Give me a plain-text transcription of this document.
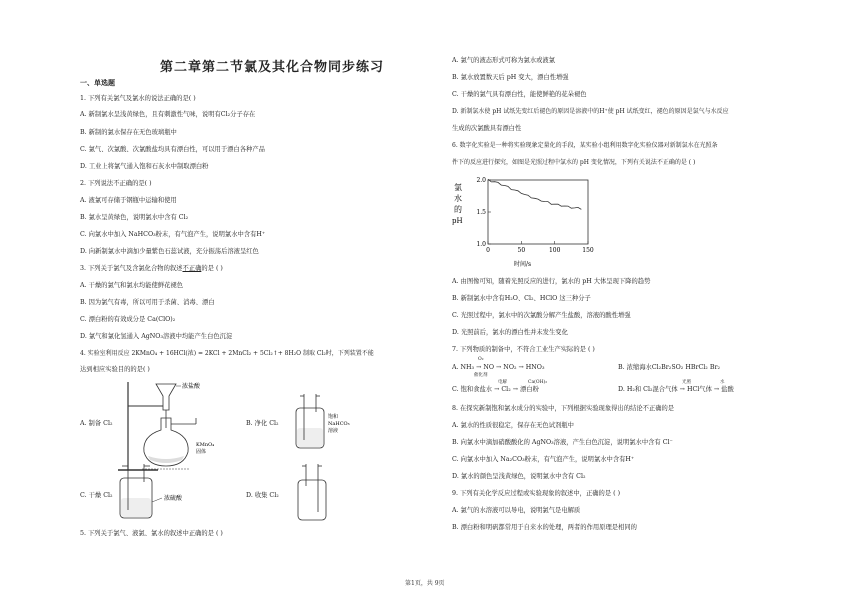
第二章第二节氯及其化合物同步练习
一、单选题
1. 下列有关氯气及氯水的说法正确的是( )
A. 新制氯水呈浅黄绿色，且有刺激性气味，说明有Cl₂分子存在
B. 新制的氯水保存在无色玻璃瓶中
C. 氯气、次氯酸、次氯酸盐均具有漂白性，可以用于漂白各种产品
D. 工业上将氯气通入饱和石灰水中制取漂白粉
2. 下列说法不正确的是( )
A. 液氯可存储于钢瓶中运输和使用
B. 氯水呈黄绿色，说明氯水中含有 Cl₂
C. 向氯水中加入 NaHCO₃粉末，有气泡产生，说明氯水中含有H⁺
D. 向新制氯水中滴加少量紫色石蕊试液，充分振荡后溶液呈红色
3. 下列关于氯气及含氯化合物的叙述不正确的是 ( )
A. 干燥的氯气和氯水均能使鲜花褪色
B. 因为氯气有毒，所以可用于杀菌、消毒、漂白
C. 漂白粉的有效成分是 Ca(ClO)₂
D. 氯气和氯化氢通入 AgNO₃溶液中均能产生白色沉淀
4. 实验室利用反应 2KMnO₄ + 16HCl(浓) = 2KCl + 2MnCl₂ + 5Cl₂↑+ 8H₂O 制取 Cl₂时，下列装置不能
达到相应实验目的的是( )
A. 制备 Cl₂
浓盐酸
KMnO₄
固体
B. 净化 Cl₂
饱和
NaHCO₃
溶液
C. 干燥 Cl₂	浓硫酸	D. 收集 Cl₂
5. 下列关于氯气、液氯、氯水的叙述中正确的是 ( )
A. 氯气的液态形式可称为氯水或液氯
B. 氯水放置数天后 pH 变大，漂白性增强
C. 干燥的氯气具有漂白性，能使鲜艳的花朵褪色
D. 新制氯水使 pH 试纸先变红后褪色的原因是溶液中的H⁺使 pH 试纸变红，褪色的原因是氯气与水反应
生成的次氯酸具有漂白性
6. 数字化实验是一种将实验现象定量化的手段，某实验小组利用数字化实验仪器对新制氯水在光照条
件下的反应进行探究，如图是光照过程中氯水的 pH 变化情况，下列有关说法不正确的是 ( )
氯
水
的
pH
1.0
1.5
2.0
0	50	100	150
时间/s
A. 由图像可知，随着光照反应的进行，氯水的 pH 大体呈现下降的趋势
B. 新制氯水中含有H₂O、Cl₂、HClO 这三种分子
C. 光照过程中，氯水中的次氯酸分解产生盐酸，溶液的酸性增强
D. 光照前后，氯水的漂白性并未发生变化
7. 下列物质的制备中，不符合工业生产实际的是 ( )
A. NH₃ → NO → NO₂ → HNO₃
O₂
催化剂
B. 浓缩海水Cl₂Br₂SO₂ HBrCl₂ Br₂
C. 饱和食盐水 → Cl₂ → 漂白粉
电解	Ca(OH)₂
D. H₂和 Cl₂混合气体 → HCl气体 → 盐酸
光照	水
8. 在探究新制饱和氯水成分的实验中，下列根据实验现象得出的结论不正确的是
A. 氯水的性质很稳定，保存在无色试剂瓶中
B. 向氯水中滴加硝酸酸化的 AgNO₃溶液，产生白色沉淀，说明氯水中含有 Cl⁻
C. 向氯水中加入 Na₂CO₃粉末，有气泡产生，说明氯水中含有H⁺
D. 氯水的颜色呈浅黄绿色，说明氯水中含有 Cl₂
9. 下列有关化学反应过程或实验现象的叙述中，正确的是 ( )
A. 氯气的水溶液可以导电，说明氯气是电解质
B. 漂白粉和明矾都常用于自来水的处理，两者的作用原理是相同的
第1页，共 9页
